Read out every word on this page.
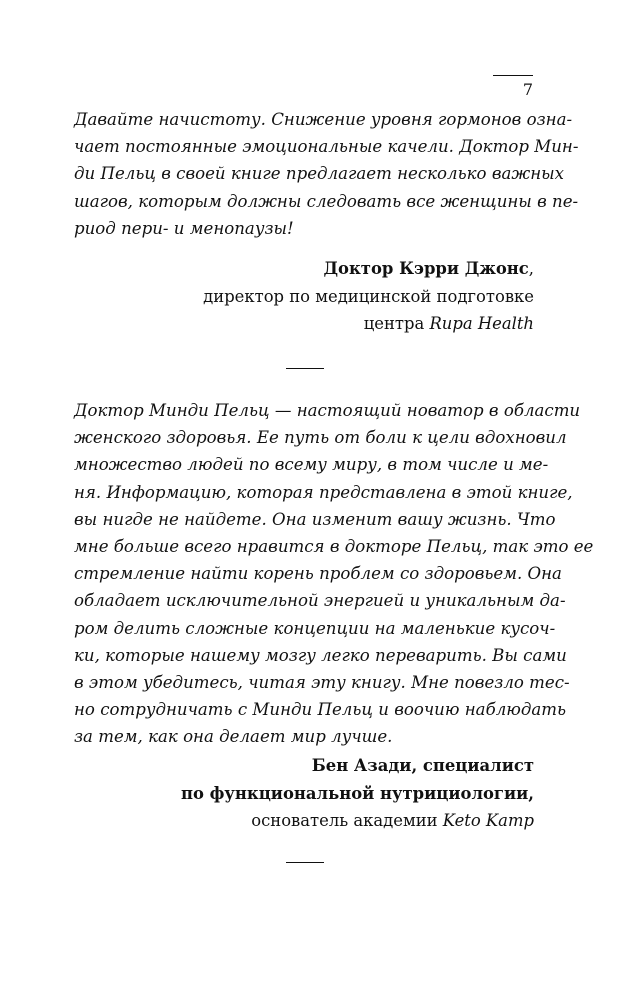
7
Давайте начистоту. Снижение уровня гормонов озна-
чает постоянные эмоциональные качели. Доктор Мин-
ди Пельц в своей книге предлагает несколько важных
шагов, которым должны следовать все женщины в пе-
риод пери- и менопаузы!
Доктор Кэрри Джонс,
директор по медицинской подготовке
центра Rupa Health
Доктор Минди Пельц — настоящий новатор в области
женского здоровья. Ее путь от боли к цели вдохновил
множество людей по всему миру, в том числе и ме-
ня. Информацию, которая представлена в этой книге,
вы нигде не найдете. Она изменит вашу жизнь. Что
мне больше всего нравится в докторе Пельц, так это ее
стремление найти корень проблем со здоровьем. Она
обладает исключительной энергией и уникальным да-
ром делить сложные концепции на маленькие кусоч-
ки, которые нашему мозгу легко переварить. Вы сами
в этом убедитесь, читая эту книгу. Мне повезло тес-
но сотрудничать с Минди Пельц и воочию наблюдать
за тем, как она делает мир лучше.
Бен Азади, специалист
по функциональной нутрициологии,
основатель академии Keto Kamp
